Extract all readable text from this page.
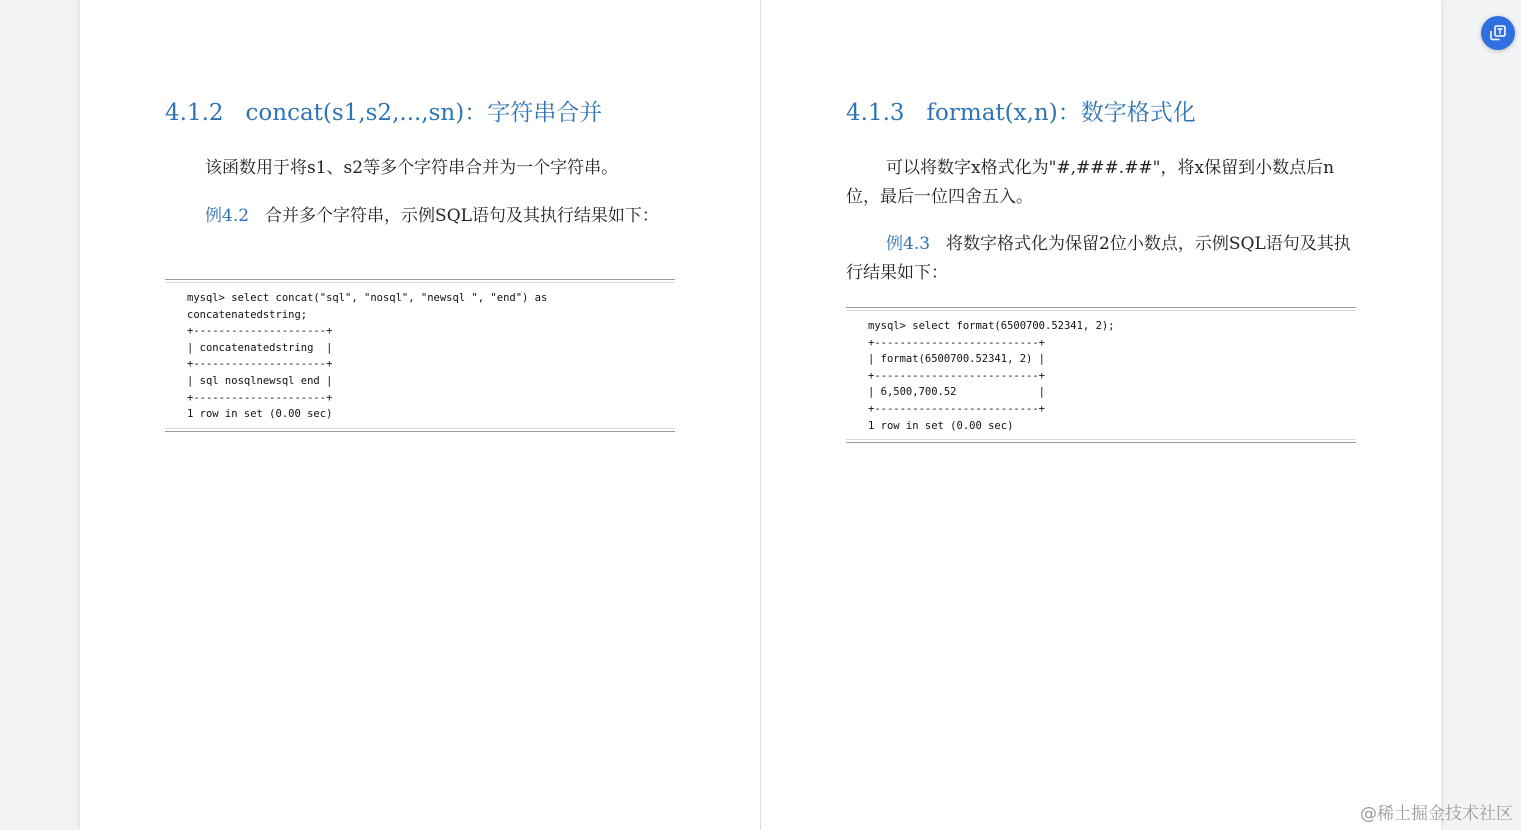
4.1.2 concat(s1,s2,...,sn)：字符串合并

该函数用于将s1、s2等多个字符串合并为一个字符串。

例4.2 合并多个字符串，示例SQL语句及其执行结果如下：

mysql> select concat("sql", "nosql", "newsql ", "end") as

concatenatedstring;

+---------------------+

| concatenatedstring  |

+---------------------+

| sql nosqlnewsql end |

+---------------------+

1 row in set (0.00 sec)

4.1.3 format(x,n)：数字格式化

可以将数字x格式化为"#,###.##"，将x保留到小数点后n位，最后一位四舍五入。

例4.3 将数字格式化为保留2位小数点，示例SQL语句及其执行结果如下：

mysql> select format(6500700.52341, 2);

+--------------------------+

| format(6500700.52341, 2) |

+--------------------------+

| 6,500,700.52             |

+--------------------------+

1 row in set (0.00 sec)

@稀土掘金技术社区
